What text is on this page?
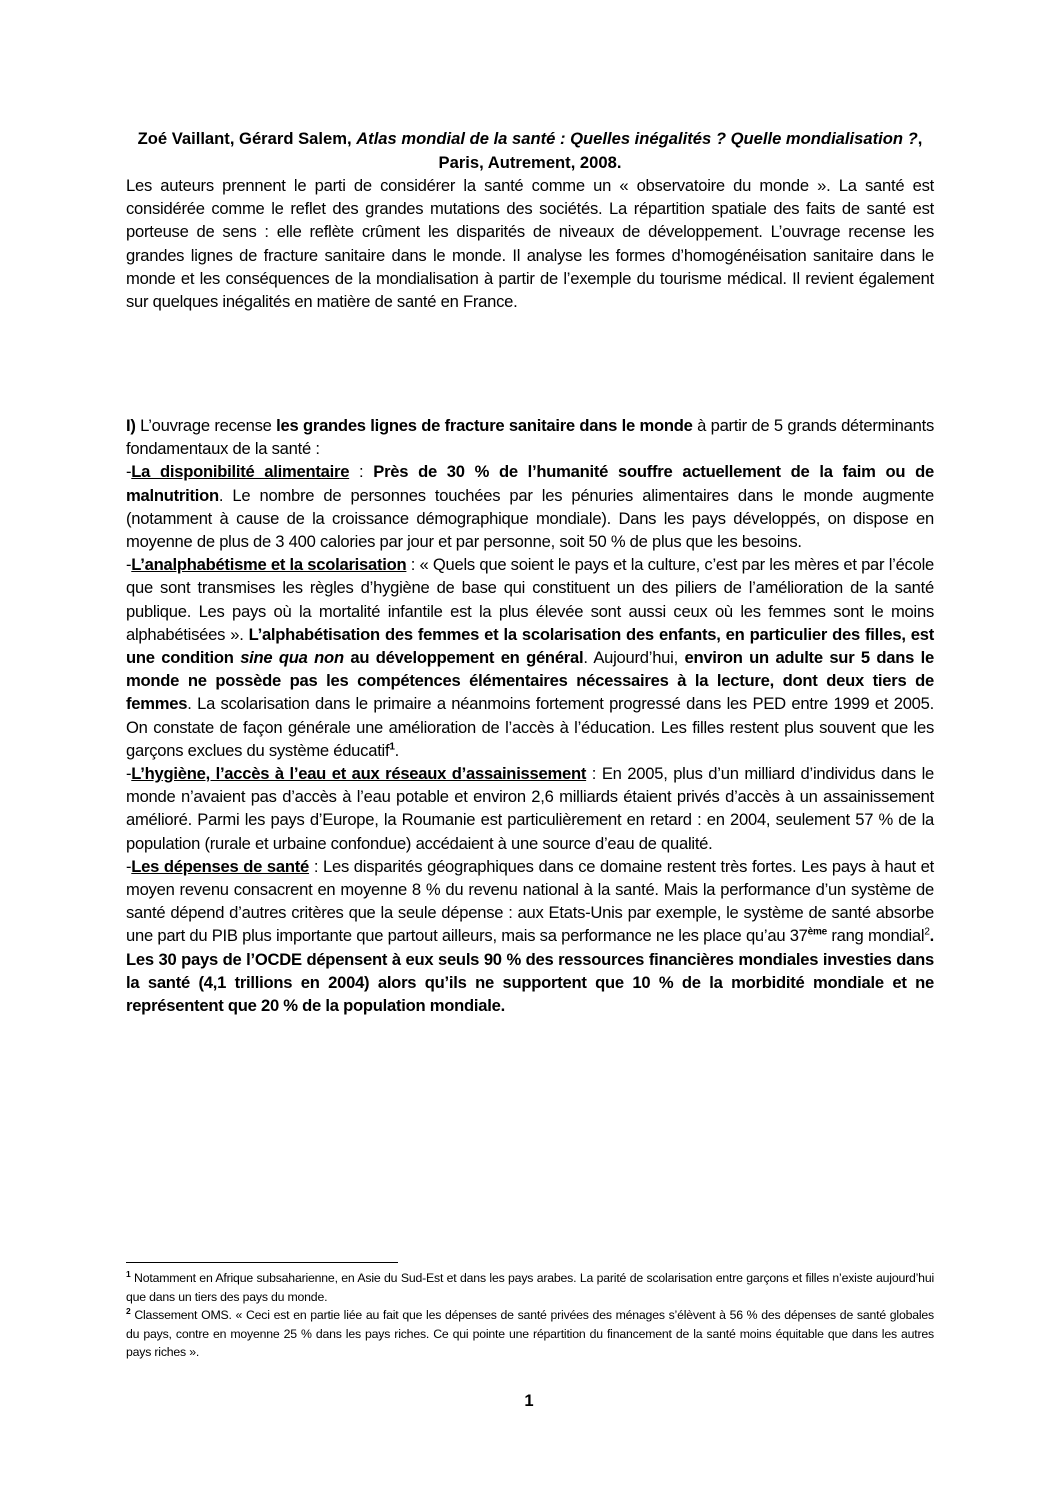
Zoé Vaillant, Gérard Salem, Atlas mondial de la santé : Quelles inégalités ? Quelle mondialisation ?,
Paris, Autrement, 2008.

Les auteurs prennent le parti de considérer la santé comme un « observatoire du monde ». La santé est considérée comme le reflet des grandes mutations des sociétés. La répartition spatiale des faits de santé est porteuse de sens : elle reflète crûment les disparités de niveaux de développement. L’ouvrage recense les grandes lignes de fracture sanitaire dans le monde. Il analyse les formes d’homogénéisation sanitaire dans le monde et les conséquences de la mondialisation à partir de l’exemple du tourisme médical. Il revient également sur quelques inégalités en matière de santé en France.

I) L’ouvrage recense les grandes lignes de fracture sanitaire dans le monde à partir de 5 grands déterminants fondamentaux de la santé :

-La disponibilité alimentaire : Près de 30 % de l’humanité souffre actuellement de la faim ou de malnutrition. Le nombre de personnes touchées par les pénuries alimentaires dans le monde augmente (notamment à cause de la croissance démographique mondiale). Dans les pays développés, on dispose en moyenne de plus de 3 400 calories par jour et par personne, soit 50 % de plus que les besoins.

-L’analphabétisme et la scolarisation : « Quels que soient le pays et la culture, c’est par les mères et par l’école que sont transmises les règles d’hygiène de base qui constituent un des piliers de l’amélioration de la santé publique. Les pays où la mortalité infantile est la plus élevée sont aussi ceux où les femmes sont le moins alphabétisées ». L’alphabétisation des femmes et la scolarisation des enfants, en particulier des filles, est une condition sine qua non au développement en général. Aujourd’hui, environ un adulte sur 5 dans le monde ne possède pas les compétences élémentaires nécessaires à la lecture, dont deux tiers de femmes. La scolarisation dans le primaire a néanmoins fortement progressé dans les PED entre 1999 et 2005. On constate de façon générale une amélioration de l’accès à l’éducation. Les filles restent plus souvent que les garçons exclues du système éducatif$^1$.

-L’hygiène, l’accès à l’eau et aux réseaux d’assainissement : En 2005, plus d’un milliard d’individus dans le monde n’avaient pas d’accès à l’eau potable et environ 2,6 milliards étaient privés d’accès à un assainissement amélioré. Parmi les pays d’Europe, la Roumanie est particulièrement en retard : en 2004, seulement 57 % de la population (rurale et urbaine confondue) accédaient à une source d’eau de qualité.

-Les dépenses de santé : Les disparités géographiques dans ce domaine restent très fortes. Les pays à haut et moyen revenu consacrent en moyenne 8 % du revenu national à la santé. Mais la performance d’un système de santé dépend d’autres critères que la seule dépense : aux Etats-Unis par exemple, le système de santé absorbe une part du PIB plus importante que partout ailleurs, mais sa performance ne les place qu’au 37ème rang mondial$^2$. Les 30 pays de l’OCDE dépensent à eux seuls 90 % des ressources financières mondiales investies dans la santé (4,1 trillions en 2004) alors qu’ils ne supportent que 10 % de la morbidité mondiale et ne représentent que 20 % de la population mondiale.

$^1$ Notamment en Afrique subsaharienne, en Asie du Sud-Est et dans les pays arabes. La parité de scolarisation entre garçons et filles n’existe aujourd’hui que dans un tiers des pays du monde.

$^2$ Classement OMS. « Ceci est en partie liée au fait que les dépenses de santé privées des ménages s’élèvent à 56 % des dépenses de santé globales du pays, contre en moyenne 25 % dans les pays riches. Ce qui pointe une répartition du financement de la santé moins équitable que dans les autres pays riches ».

1
